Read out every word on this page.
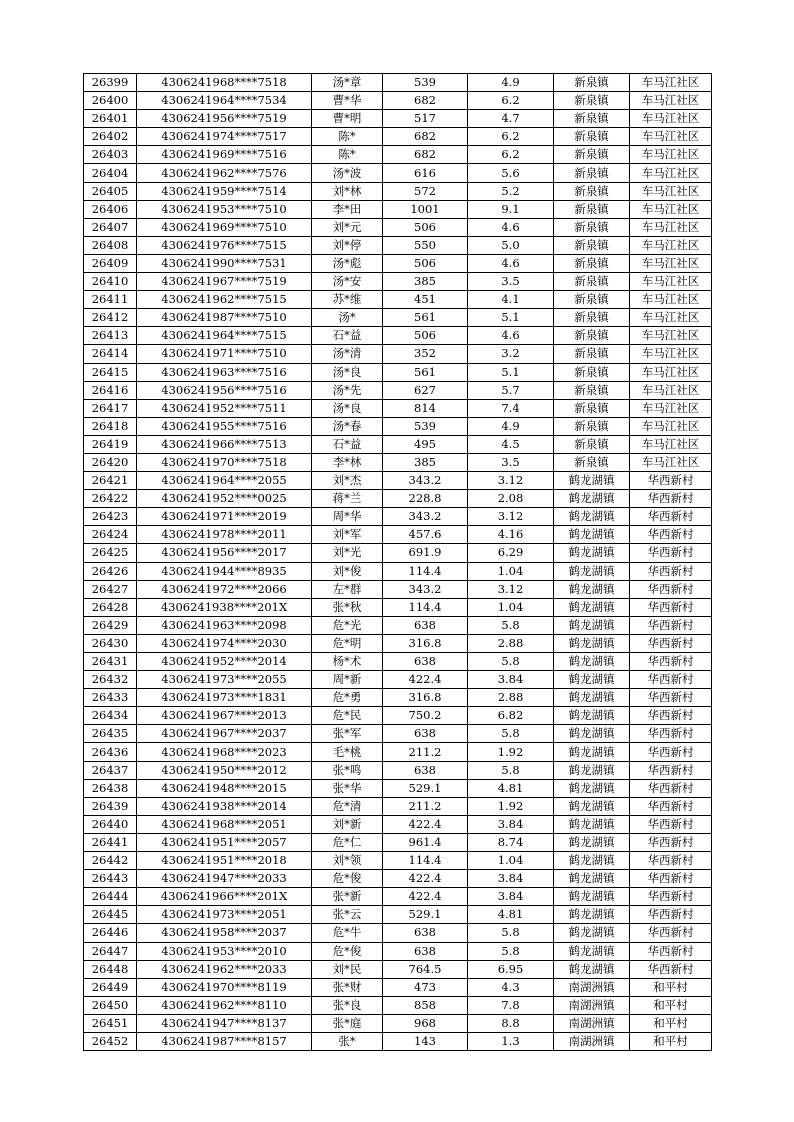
26399	4306241968****7518	汤*章	539	4.9	新泉镇	车马江社区
26400	4306241964****7534	曹*华	682	6.2	新泉镇	车马江社区
26401	4306241956****7519	曹*明	517	4.7	新泉镇	车马江社区
26402	4306241974****7517	陈*	682	6.2	新泉镇	车马江社区
26403	4306241969****7516	陈*	682	6.2	新泉镇	车马江社区
26404	4306241962****7576	汤*波	616	5.6	新泉镇	车马江社区
26405	4306241959****7514	刘*林	572	5.2	新泉镇	车马江社区
26406	4306241953****7510	李*田	1001	9.1	新泉镇	车马江社区
26407	4306241969****7510	刘*元	506	4.6	新泉镇	车马江社区
26408	4306241976****7515	刘*停	550	5.0	新泉镇	车马江社区
26409	4306241990****7531	汤*彪	506	4.6	新泉镇	车马江社区
26410	4306241967****7519	汤*安	385	3.5	新泉镇	车马江社区
26411	4306241962****7515	苏*维	451	4.1	新泉镇	车马江社区
26412	4306241987****7510	汤*	561	5.1	新泉镇	车马江社区
26413	4306241964****7515	石*益	506	4.6	新泉镇	车马江社区
26414	4306241971****7510	汤*清	352	3.2	新泉镇	车马江社区
26415	4306241963****7516	汤*良	561	5.1	新泉镇	车马江社区
26416	4306241956****7516	汤*先	627	5.7	新泉镇	车马江社区
26417	4306241952****7511	汤*良	814	7.4	新泉镇	车马江社区
26418	4306241955****7516	汤*春	539	4.9	新泉镇	车马江社区
26419	4306241966****7513	石*益	495	4.5	新泉镇	车马江社区
26420	4306241970****7518	李*林	385	3.5	新泉镇	车马江社区
26421	4306241964****2055	刘*杰	343.2	3.12	鹤龙湖镇	华西新村
26422	4306241952****0025	蒋*兰	228.8	2.08	鹤龙湖镇	华西新村
26423	4306241971****2019	周*华	343.2	3.12	鹤龙湖镇	华西新村
26424	4306241978****2011	刘*军	457.6	4.16	鹤龙湖镇	华西新村
26425	4306241956****2017	刘*光	691.9	6.29	鹤龙湖镇	华西新村
26426	4306241944****8935	刘*俊	114.4	1.04	鹤龙湖镇	华西新村
26427	4306241972****2066	左*群	343.2	3.12	鹤龙湖镇	华西新村
26428	4306241938****201X	张*秋	114.4	1.04	鹤龙湖镇	华西新村
26429	4306241963****2098	危*光	638	5.8	鹤龙湖镇	华西新村
26430	4306241974****2030	危*明	316.8	2.88	鹤龙湖镇	华西新村
26431	4306241952****2014	杨*术	638	5.8	鹤龙湖镇	华西新村
26432	4306241973****2055	周*新	422.4	3.84	鹤龙湖镇	华西新村
26433	4306241973****1831	危*勇	316.8	2.88	鹤龙湖镇	华西新村
26434	4306241967****2013	危*民	750.2	6.82	鹤龙湖镇	华西新村
26435	4306241967****2037	张*军	638	5.8	鹤龙湖镇	华西新村
26436	4306241968****2023	毛*桃	211.2	1.92	鹤龙湖镇	华西新村
26437	4306241950****2012	张*鸣	638	5.8	鹤龙湖镇	华西新村
26438	4306241948****2015	张*华	529.1	4.81	鹤龙湖镇	华西新村
26439	4306241938****2014	危*清	211.2	1.92	鹤龙湖镇	华西新村
26440	4306241968****2051	刘*新	422.4	3.84	鹤龙湖镇	华西新村
26441	4306241951****2057	危*仁	961.4	8.74	鹤龙湖镇	华西新村
26442	4306241951****2018	刘*领	114.4	1.04	鹤龙湖镇	华西新村
26443	4306241947****2033	危*俊	422.4	3.84	鹤龙湖镇	华西新村
26444	4306241966****201X	张*新	422.4	3.84	鹤龙湖镇	华西新村
26445	4306241973****2051	张*云	529.1	4.81	鹤龙湖镇	华西新村
26446	4306241958****2037	危*牛	638	5.8	鹤龙湖镇	华西新村
26447	4306241953****2010	危*俊	638	5.8	鹤龙湖镇	华西新村
26448	4306241962****2033	刘*民	764.5	6.95	鹤龙湖镇	华西新村
26449	4306241970****8119	张*财	473	4.3	南湖洲镇	和平村
26450	4306241962****8110	张*良	858	7.8	南湖洲镇	和平村
26451	4306241947****8137	张*庭	968	8.8	南湖洲镇	和平村
26452	4306241987****8157	张*	143	1.3	南湖洲镇	和平村
